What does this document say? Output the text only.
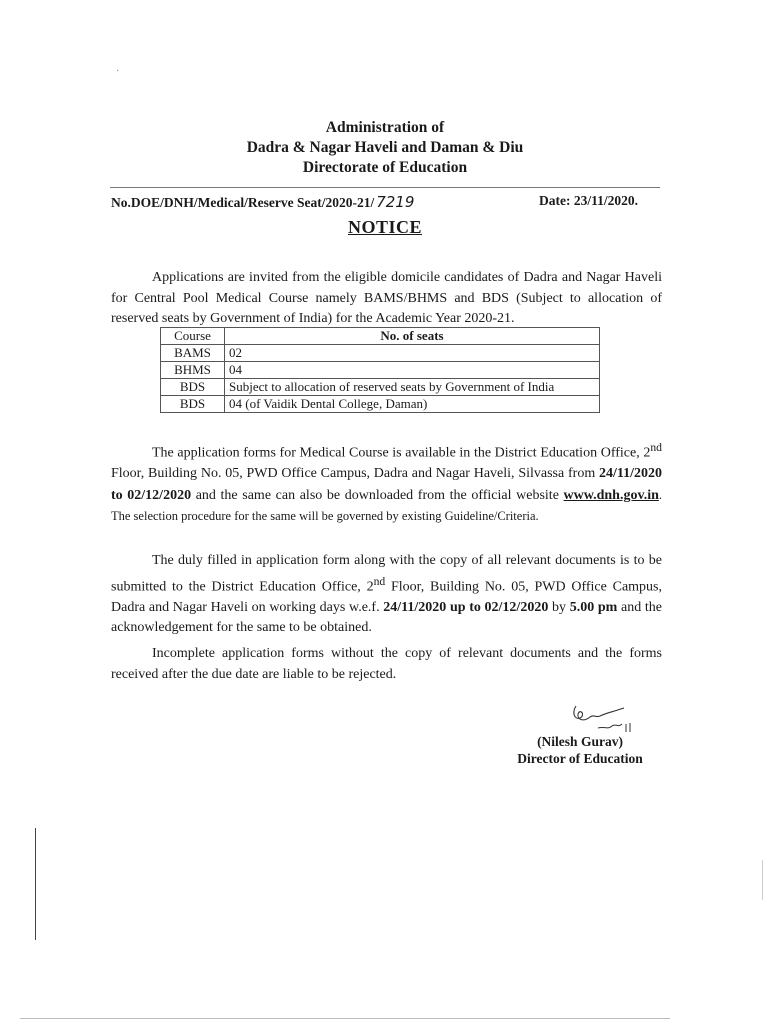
·
Administration of
Dadra & Nagar Haveli and Daman & Diu
Directorate of Education
No.DOE/DNH/Medical/Reserve Seat/2020-21/ 7219	Date: 23/11/2020.
NOTICE

Applications are invited from the eligible domicile candidates of Dadra and Nagar Haveli for Central Pool Medical Course namely BAMS/BHMS and BDS (Subject to allocation of reserved seats by Government of India) for the Academic Year 2020-21.

Course	No. of seats
BAMS	02
BHMS	04
BDS	Subject to allocation of reserved seats by Government of India
BDS	04 (of Vaidik Dental College, Daman)

The application forms for Medical Course is available in the District Education Office, 2nd Floor, Building No. 05, PWD Office Campus, Dadra and Nagar Haveli, Silvassa from 24/11/2020 to 02/12/2020 and the same can also be downloaded from the official website www.dnh.gov.in. The selection procedure for the same will be governed by existing Guideline/Criteria.

The duly filled in application form along with the copy of all relevant documents is to be submitted to the District Education Office, 2nd Floor, Building No. 05, PWD Office Campus, Dadra and Nagar Haveli on working days w.e.f. 24/11/2020 up to 02/12/2020 by 5.00 pm and the acknowledgement for the same to be obtained.

Incomplete application forms without the copy of relevant documents and the forms received after the due date are liable to be rejected.

(Nilesh Gurav)
Director of Education
